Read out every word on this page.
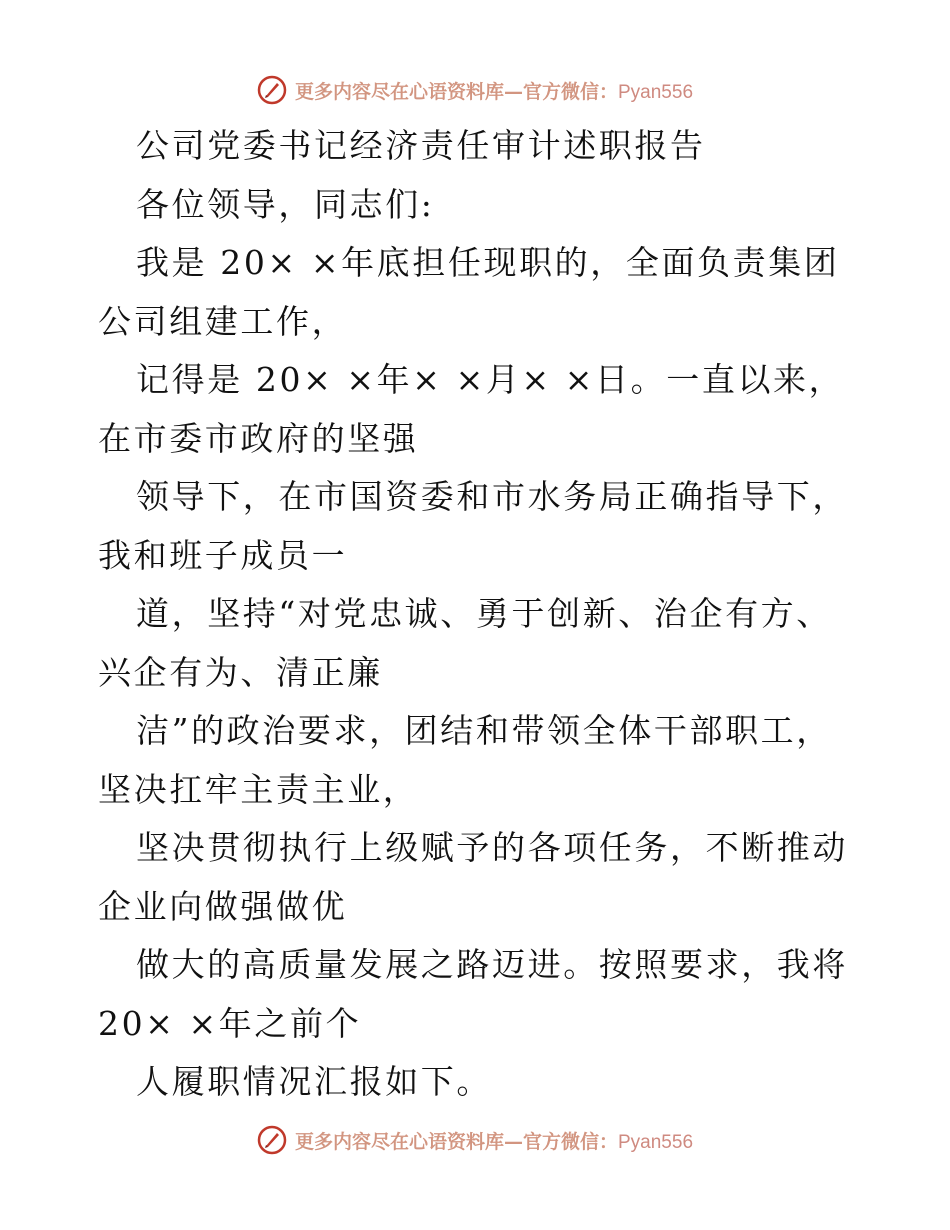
更多内容尽在心语资料库—官方微信：Pyan556

公司党委书记经济责任审计述职报告

各位领导，同志们:

我是 20× ×年底担任现职的，全面负责集团公司组建工作，

记得是 20× ×年× ×月× ×日。一直以来，在市委市政府的坚强

领导下，在市国资委和市水务局正确指导下，我和班子成员一

道，坚持“对党忠诚、勇于创新、治企有方、兴企有为、清正廉

洁”的政治要求，团结和带领全体干部职工，坚决扛牢主责主业，

坚决贯彻执行上级赋予的各项任务，不断推动企业向做强做优

做大的高质量发展之路迈进。按照要求，我将 20× ×年之前个

人履职情况汇报如下。

更多内容尽在心语资料库—官方微信：Pyan556
